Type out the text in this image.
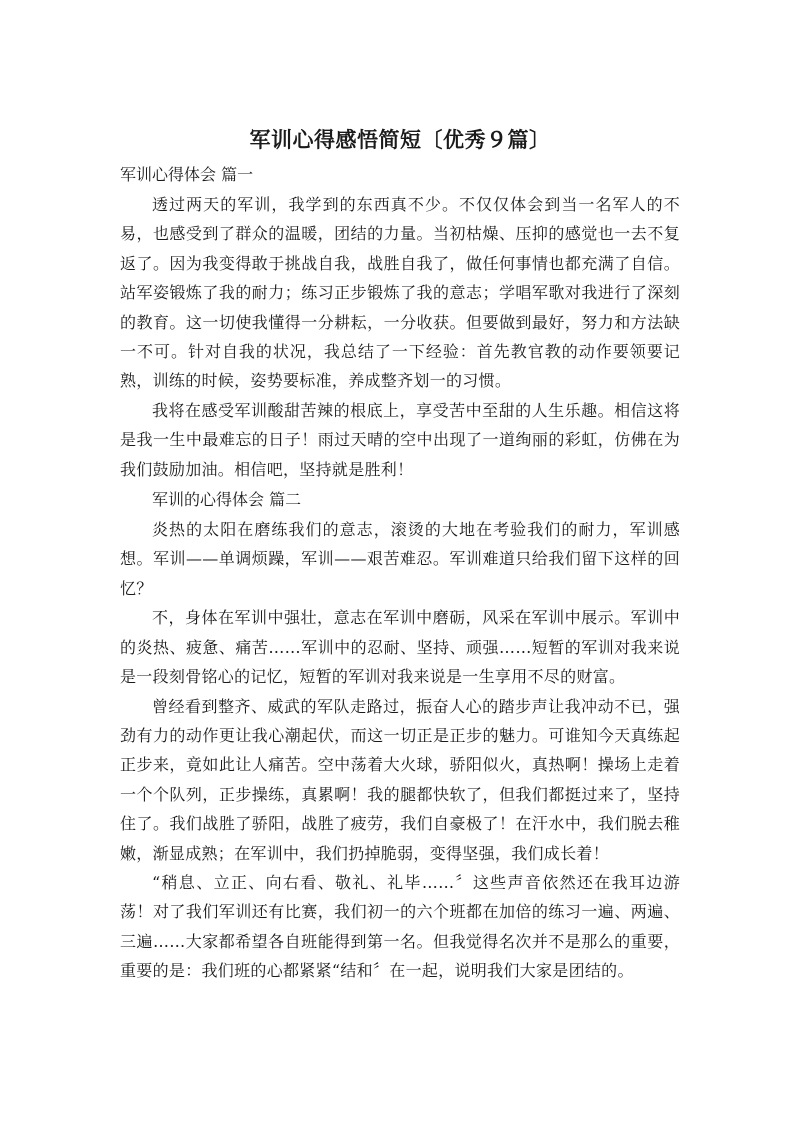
军训心得感悟简短〔优秀９篇〕

军训心得体会 篇一

透过两天的军训，我学到的东西真不少。不仅仅体会到当一名军人的不易，也感受到了群众的温暖，团结的力量。当初枯燥、压抑的感觉也一去不复返了。因为我变得敢于挑战自我，战胜自我了，做任何事情也都充满了自信。站军姿锻炼了我的耐力；练习正步锻炼了我的意志；学唱军歌对我进行了深刻的教育。这一切使我懂得一分耕耘，一分收获。但要做到最好，努力和方法缺一不可。针对自我的状况，我总结了一下经验：首先教官教的动作要领要记熟，训练的时候，姿势要标准，养成整齐划一的习惯。

我将在感受军训酸甜苦辣的根底上，享受苦中至甜的人生乐趣。相信这将是我一生中最难忘的日子！雨过天晴的空中出现了一道绚丽的彩虹，仿佛在为我们鼓励加油。相信吧，坚持就是胜利！

军训的心得体会 篇二

炎热的太阳在磨练我们的意志，滚烫的大地在考验我们的耐力，军训感想。军训——单调烦躁，军训——艰苦难忍。军训难道只给我们留下这样的回忆？

不，身体在军训中强壮，意志在军训中磨砺，风采在军训中展示。军训中的炎热、疲惫、痛苦……军训中的忍耐、坚持、顽强……短暂的军训对我来说是一段刻骨铭心的记忆，短暂的军训对我来说是一生享用不尽的财富。

曾经看到整齐、威武的军队走路过，振奋人心的踏步声让我冲动不已，强劲有力的动作更让我心潮起伏，而这一切正是正步的魅力。可谁知今天真练起正步来，竟如此让人痛苦。空中荡着大火球，骄阳似火，真热啊！操场上走着一个个队列，正步操练，真累啊！我的腿都快软了，但我们都挺过来了，坚持住了。我们战胜了骄阳，战胜了疲劳，我们自豪极了！在汗水中，我们脱去稚嫩，渐显成熟；在军训中，我们扔掉脆弱，变得坚强，我们成长着！

“稍息、立正、向右看、敬礼、礼毕……〞这些声音依然还在我耳边游荡！对了我们军训还有比赛，我们初一的六个班都在加倍的练习一遍、两遍、三遍……大家都希望各自班能得到第一名。但我觉得名次并不是那么的重要，重要的是：我们班的心都紧紧“结和〞在一起，说明我们大家是团结的。
